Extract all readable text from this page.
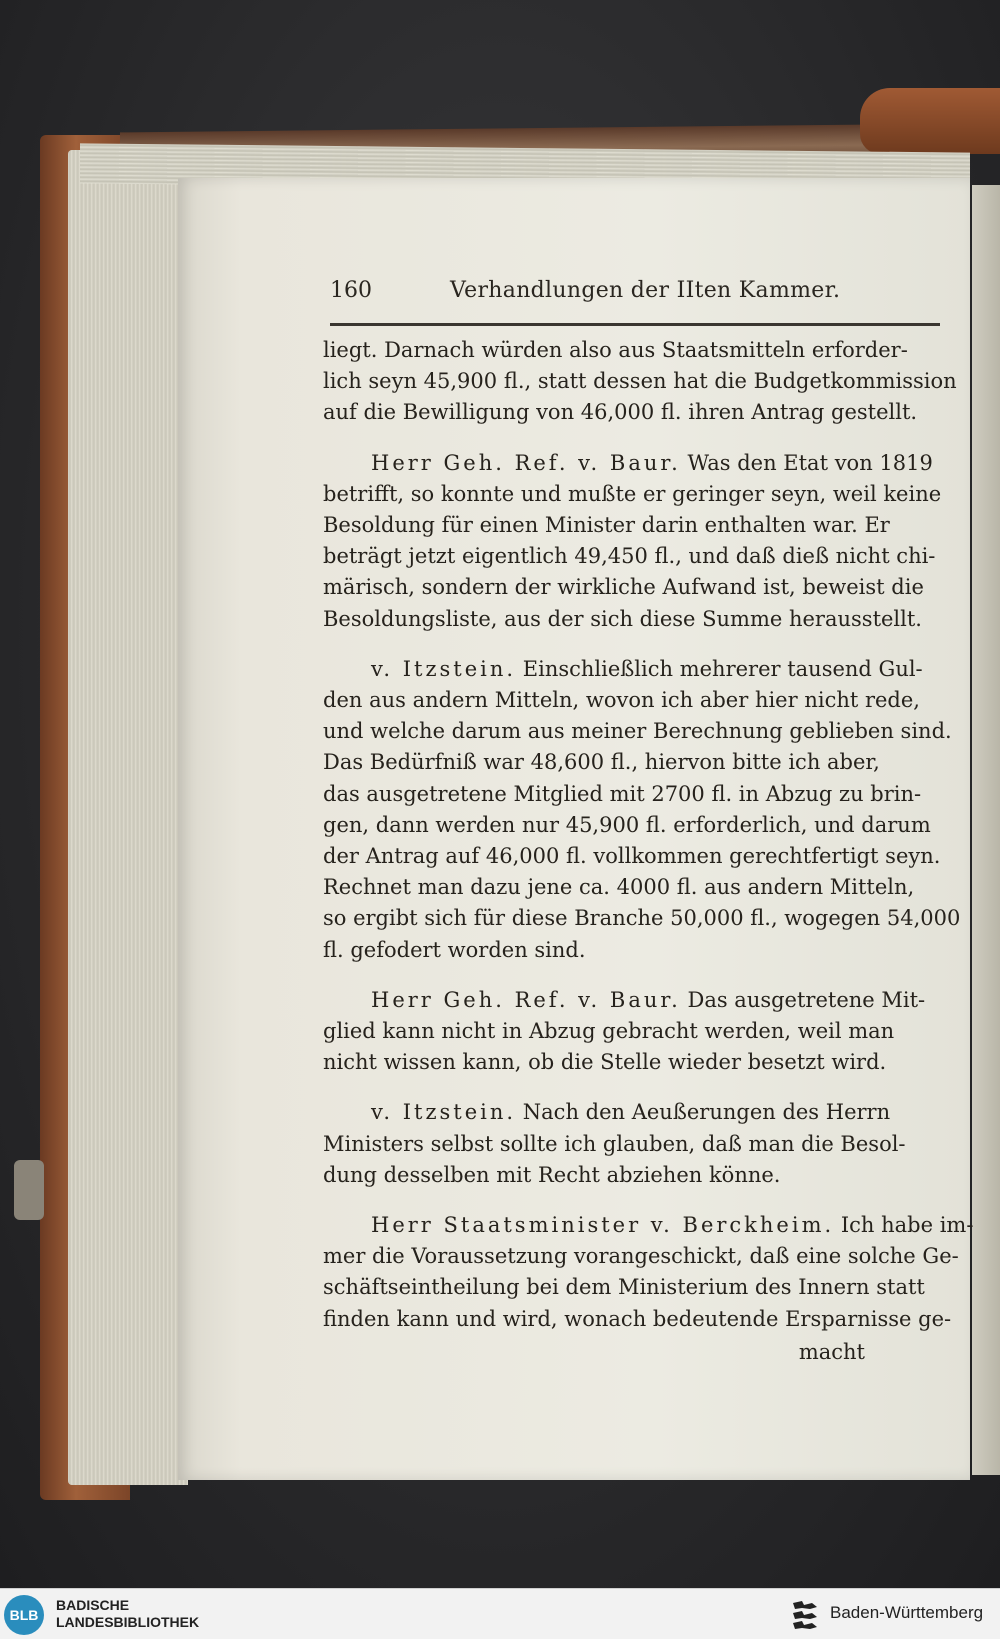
160	Verhandlungen der IIten Kammer.
liegt. Darnach würden also aus Staatsmitteln erforder-
lich seyn 45,900 fl., statt dessen hat die Budgetkommission
auf die Bewilligung von 46,000 fl. ihren Antrag gestellt.
Herr Geh. Ref. v. Baur. Was den Etat von 1819
betrifft, so konnte und mußte er geringer seyn, weil keine
Besoldung für einen Minister darin enthalten war. Er
beträgt jetzt eigentlich 49,450 fl., und daß dieß nicht chi-
märisch, sondern der wirkliche Aufwand ist, beweist die
Besoldungsliste, aus der sich diese Summe herausstellt.
v. Itzstein. Einschließlich mehrerer tausend Gul-
den aus andern Mitteln, wovon ich aber hier nicht rede,
und welche darum aus meiner Berechnung geblieben sind.
Das Bedürfniß war 48,600 fl., hiervon bitte ich aber,
das ausgetretene Mitglied mit 2700 fl. in Abzug zu brin-
gen, dann werden nur 45,900 fl. erforderlich, und darum
der Antrag auf 46,000 fl. vollkommen gerechtfertigt seyn.
Rechnet man dazu jene ca. 4000 fl. aus andern Mitteln,
so ergibt sich für diese Branche 50,000 fl., wogegen 54,000
fl. gefodert worden sind.
Herr Geh. Ref. v. Baur. Das ausgetretene Mit-
glied kann nicht in Abzug gebracht werden, weil man
nicht wissen kann, ob die Stelle wieder besetzt wird.
v. Itzstein. Nach den Aeußerungen des Herrn
Ministers selbst sollte ich glauben, daß man die Besol-
dung desselben mit Recht abziehen könne.
Herr Staatsminister v. Berckheim. Ich habe im-
mer die Voraussetzung vorangeschickt, daß eine solche Ge-
schäftseintheilung bei dem Ministerium des Innern statt
finden kann und wird, wonach bedeutende Ersparnisse ge-
macht
BLB
BADISCHE
LANDESBIBLIOTHEK	Baden-Württemberg
